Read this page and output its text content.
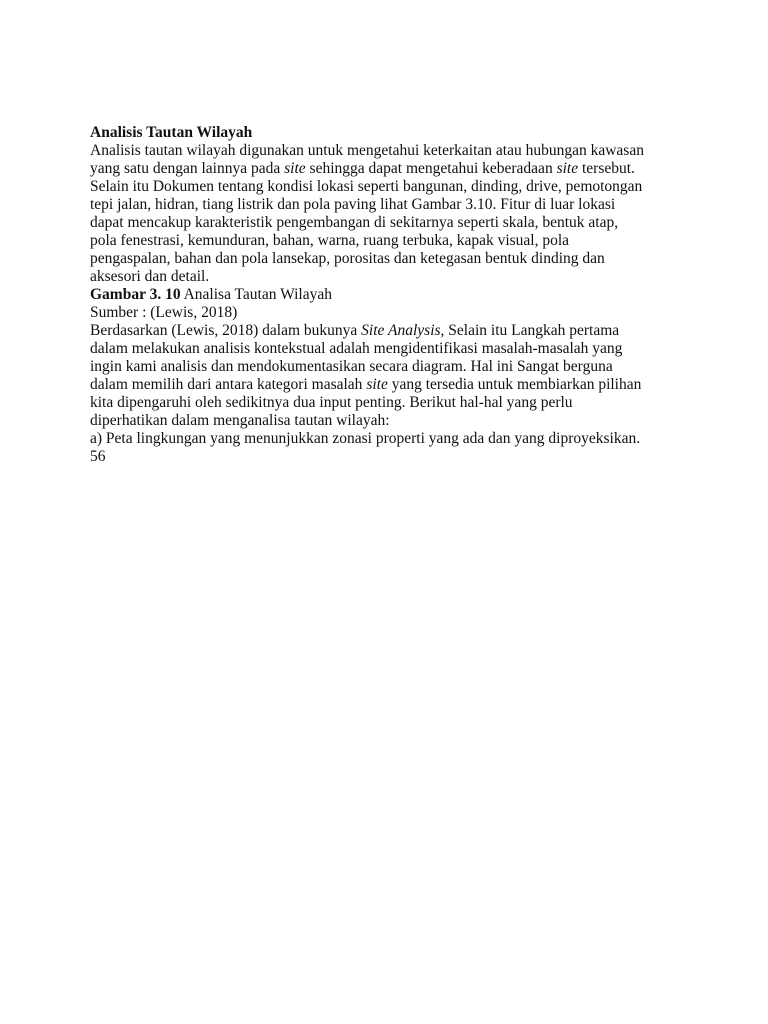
Analisis Tautan Wilayah
Analisis tautan wilayah digunakan untuk mengetahui keterkaitan atau hubungan kawasan
yang satu dengan lainnya pada site sehingga dapat mengetahui keberadaan site tersebut.
Selain itu Dokumen tentang kondisi lokasi seperti bangunan, dinding, drive, pemotongan
tepi jalan, hidran, tiang listrik dan pola paving lihat Gambar 3.10. Fitur di luar lokasi
dapat mencakup karakteristik pengembangan di sekitarnya seperti skala, bentuk atap,
pola fenestrasi, kemunduran, bahan, warna, ruang terbuka, kapak visual, pola
pengaspalan, bahan dan pola lansekap, porositas dan ketegasan bentuk dinding dan
aksesori dan detail.
Gambar 3. 10 Analisa Tautan Wilayah
Sumber : (Lewis, 2018)
Berdasarkan (Lewis, 2018) dalam bukunya Site Analysis, Selain itu Langkah pertama
dalam melakukan analisis kontekstual adalah mengidentifikasi masalah-masalah yang
ingin kami analisis dan mendokumentasikan secara diagram. Hal ini Sangat berguna
dalam memilih dari antara kategori masalah site yang tersedia untuk membiarkan pilihan
kita dipengaruhi oleh sedikitnya dua input penting. Berikut hal-hal yang perlu
diperhatikan dalam menganalisa tautan wilayah:
a) Peta lingkungan yang menunjukkan zonasi properti yang ada dan yang diproyeksikan.
56
